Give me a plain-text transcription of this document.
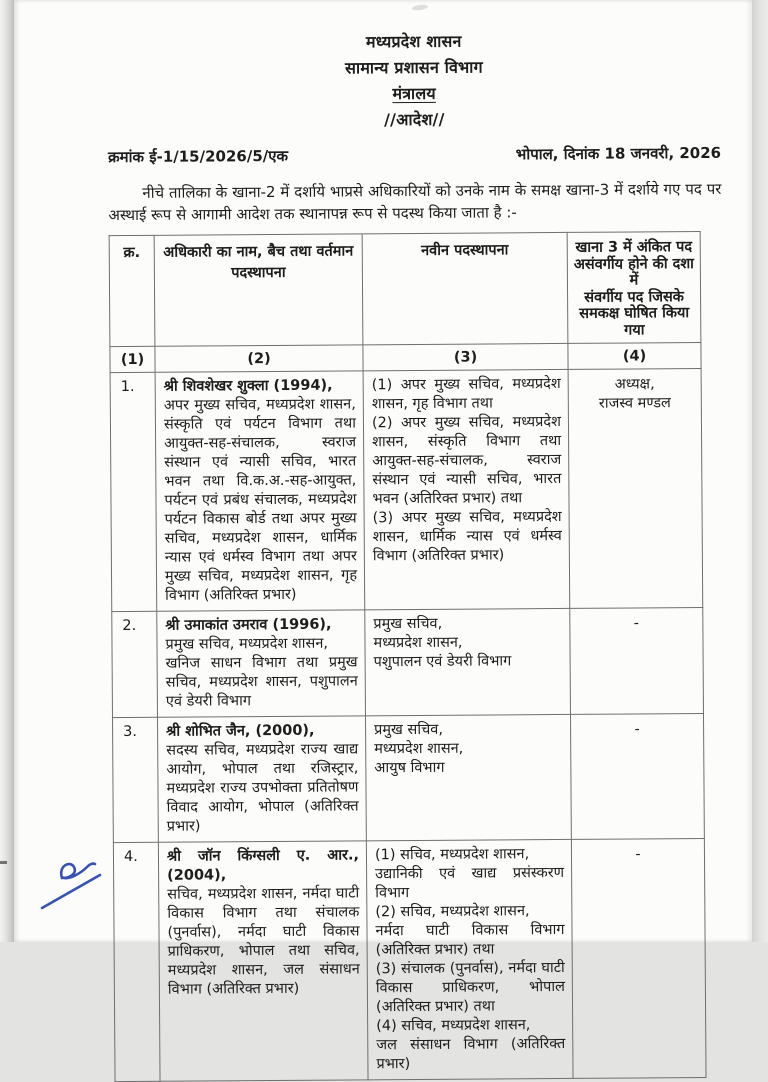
मध्यप्रदेश शासन
सामान्य प्रशासन विभाग
मंत्रालय
//आदेश//
क्रमांक ई-1/15/2026/5/एक	भोपाल, दिनांक 18 जनवरी, 2026

नीचे तालिका के खाना-2 में दर्शाये भाप्रसे अधिकारियों को उनके नाम के समक्ष खाना-3 में दर्शाये गए पद पर अस्थाई रूप से आगामी आदेश तक स्थानापन्न रूप से पदस्थ किया जाता है :-

क्र.	अधिकारी का नाम, बैच तथा वर्तमान पदस्थापना	नवीन पदस्थापना	खाना 3 में अंकित पद
असंवर्गीय होने की दशा में
संवर्गीय पद जिसके
समकक्ष घोषित किया गया
(1)	(2)	(3)	(4)
1.	श्री शिवशेखर शुक्ला (1994),
अपर मुख्य सचिव, मध्यप्रदेश शासन, संस्कृति एवं पर्यटन विभाग तथा आयुक्त-सह-संचालक, स्वराज संस्थान एवं न्यासी सचिव, भारत भवन तथा वि.क.अ.-सह-आयुक्त, पर्यटन एवं प्रबंध संचालक, मध्यप्रदेश पर्यटन विकास बोर्ड तथा अपर मुख्य सचिव, मध्यप्रदेश शासन, धार्मिक न्यास एवं धर्मस्व विभाग तथा अपर मुख्य सचिव, मध्यप्रदेश शासन, गृह विभाग (अतिरिक्त प्रभार)	(1) अपर मुख्य सचिव, मध्यप्रदेश शासन, गृह विभाग तथा
(2) अपर मुख्य सचिव, मध्यप्रदेश शासन, संस्कृति विभाग तथा आयुक्त-सह-संचालक, स्वराज संस्थान एवं न्यासी सचिव, भारत भवन (अतिरिक्त प्रभार) तथा
(3) अपर मुख्य सचिव, मध्यप्रदेश शासन, धार्मिक न्यास एवं धर्मस्व विभाग (अतिरिक्त प्रभार)	अध्यक्ष,
राजस्व मण्डल
2.	श्री उमाकांत उमराव (1996),
प्रमुख सचिव, मध्यप्रदेश शासन,
खनिज साधन विभाग तथा प्रमुख सचिव, मध्यप्रदेश शासन, पशुपालन एवं डेयरी विभाग	प्रमुख सचिव,
मध्यप्रदेश शासन,
पशुपालन एवं डेयरी विभाग	-
3.	श्री शोभित जैन, (2000),
सदस्य सचिव, मध्यप्रदेश राज्य खाद्य आयोग, भोपाल तथा रजिस्ट्रार, मध्यप्रदेश राज्य उपभोक्ता प्रतितोषण विवाद आयोग, भोपाल (अतिरिक्त प्रभार)	प्रमुख सचिव,
मध्यप्रदेश शासन,
आयुष विभाग	-
4.	श्री जॉन किंग्सली ए. आर., (2004),
सचिव, मध्यप्रदेश शासन, नर्मदा घाटी विकास विभाग तथा संचालक (पुनर्वास), नर्मदा घाटी विकास प्राधिकरण, भोपाल तथा सचिव, मध्यप्रदेश शासन, जल संसाधन विभाग (अतिरिक्त प्रभार)	(1) सचिव, मध्यप्रदेश शासन,
उद्यानिकी एवं खाद्य प्रसंस्करण विभाग
(2) सचिव, मध्यप्रदेश शासन,
नर्मदा घाटी विकास विभाग (अतिरिक्त प्रभार) तथा
(3) संचालक (पुनर्वास), नर्मदा घाटी विकास प्राधिकरण, भोपाल (अतिरिक्त प्रभार) तथा
(4) सचिव, मध्यप्रदेश शासन,
जल संसाधन विभाग (अतिरिक्त प्रभार)	-
